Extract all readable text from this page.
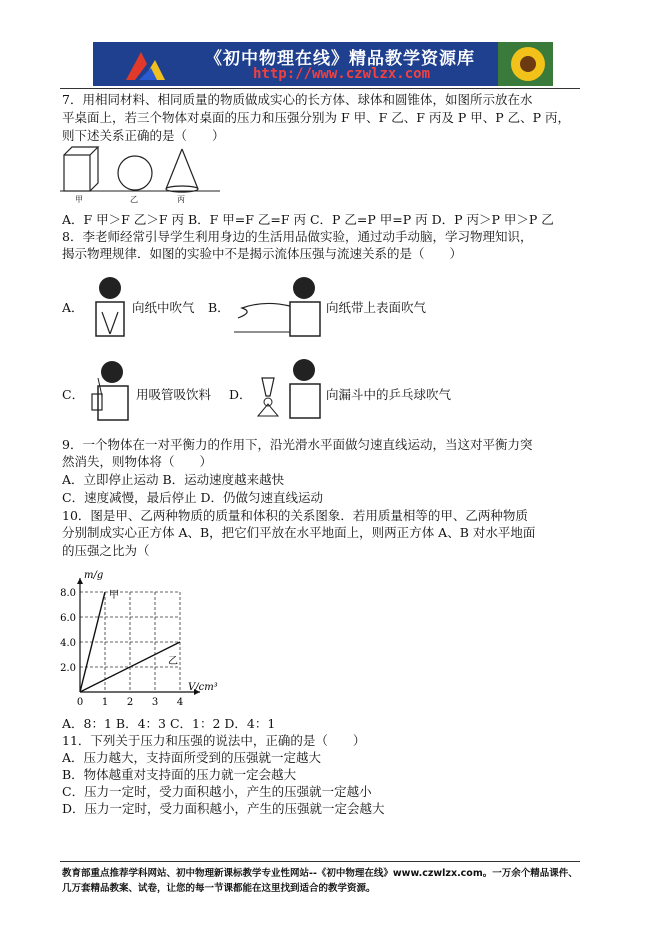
《初中物理在线》精品教学资源库
http://www.czwlzx.com
7．用相同材料、相同质量的物质做成实心的长方体、球体和圆锥体，如图所示放在水
平桌面上，若三个物体对桌面的压力和压强分别为 F 甲、F 乙、F 丙及 P 甲、P 乙、P 丙，
则下述关系正确的是（　　）
甲	乙	丙
A．F 甲＞F 乙＞F 丙 B．F 甲=F 乙=F 丙 C．P 乙=P 甲=P 丙 D．P 丙＞P 甲＞P 乙
8．李老师经常引导学生利用身边的生活用品做实验，通过动手动脑，学习物理知识，
揭示物理规律．如图的实验中不是揭示流体压强与流速关系的是（　　）
A．	向纸中吹气 B．	向纸带上表面吹气
C．	用吸管吸饮料 D．	向漏斗中的乒乓球吹气
9．一个物体在一对平衡力的作用下，沿光滑水平面做匀速直线运动，当这对平衡力突
然消失，则物体将（　　）
A．立即停止运动 B．运动速度越来越快
C．速度减慢，最后停止 D．仍做匀速直线运动
10．图是甲、乙两种物质的质量和体积的关系图象．若用质量相等的甲、乙两种物质
分别制成实心正方体 A、B，把它们平放在水平地面上，则两正方体 A、B 对水平地面
的压强之比为（
0 1 2 3 4
2.0
4.0
6.0
8.0
m/g
V/cm³
甲
乙
A．8：1 B．4：3 C．1：2 D．4：1
11．下列关于压力和压强的说法中，正确的是（　　）
A．压力越大，支持面所受到的压强就一定越大
B．物体越重对支持面的压力就一定会越大
C．压力一定时，受力面积越小，产生的压强就一定越小
D．压力一定时，受力面积越小，产生的压强就一定会越大
教育部重点推荐学科网站、初中物理新课标教学专业性网站--《初中物理在线》www.czwlzx.com。一万余个精品课件、
几万套精品教案、试卷，让您的每一节课都能在这里找到适合的教学资源。
